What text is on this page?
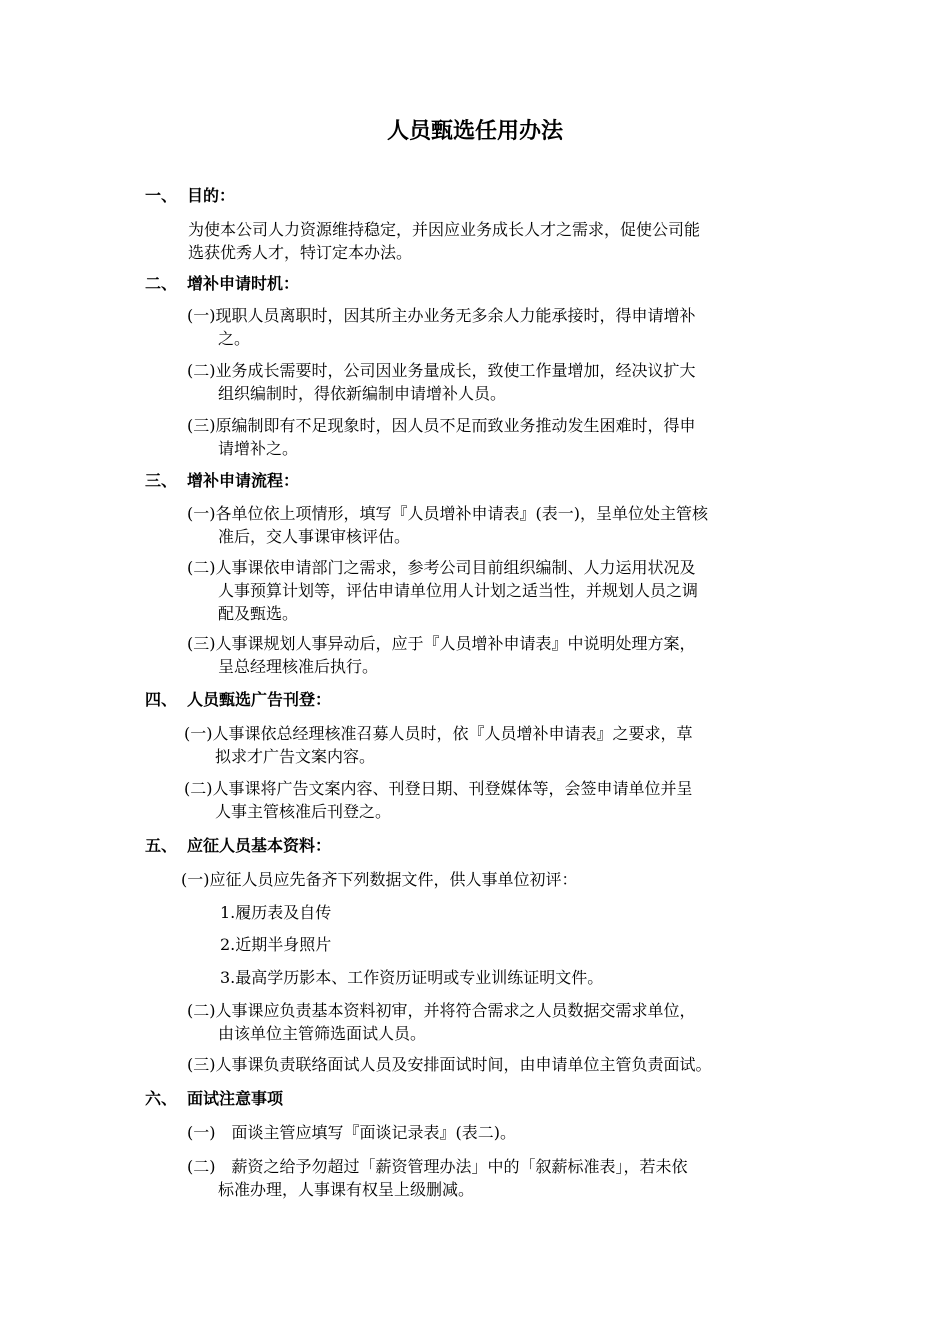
人员甄选任用办法
一、 目的：
为使本公司人力资源维持稳定，并因应业务成长人才之需求，促使公司能
选获优秀人才，特订定本办法。
二、 增补申请时机：
(一)现职人员离职时，因其所主办业务无多余人力能承接时，得申请增补
之。
(二)业务成长需要时，公司因业务量成长，致使工作量增加，经决议扩大
组织编制时，得依新编制申请增补人员。
(三)原编制即有不足现象时，因人员不足而致业务推动发生困难时，得申
请增补之。
三、 增补申请流程：
(一)各单位依上项情形，填写『人员增补申请表』(表一)，呈单位处主管核
准后，交人事课审核评估。
(二)人事课依申请部门之需求，参考公司目前组织编制、人力运用状况及
人事预算计划等，评估申请单位用人计划之适当性，并规划人员之调
配及甄选。
(三)人事课规划人事异动后，应于『人员增补申请表』中说明处理方案，
呈总经理核准后执行。
四、 人员甄选广告刊登：
(一)人事课依总经理核准召募人员时，依『人员增补申请表』之要求，草
拟求才广告文案内容。
(二)人事课将广告文案内容、刊登日期、刊登媒体等，会签申请单位并呈
人事主管核准后刊登之。
五、 应征人员基本资料：
(一)应征人员应先备齐下列数据文件，供人事单位初评：
1.履历表及自传
2.近期半身照片
3.最高学历影本、工作资历证明或专业训练证明文件。
(二)人事课应负责基本资料初审，并将符合需求之人员数据交需求单位，
由该单位主管筛选面试人员。
(三)人事课负责联络面试人员及安排面试时间，由申请单位主管负责面试。
六、 面试注意事项
(一)　面谈主管应填写『面谈记录表』(表二)。
(二)　薪资之给予勿超过「薪资管理办法」中的「叙薪标准表」，若未依
标准办理，人事课有权呈上级删减。
